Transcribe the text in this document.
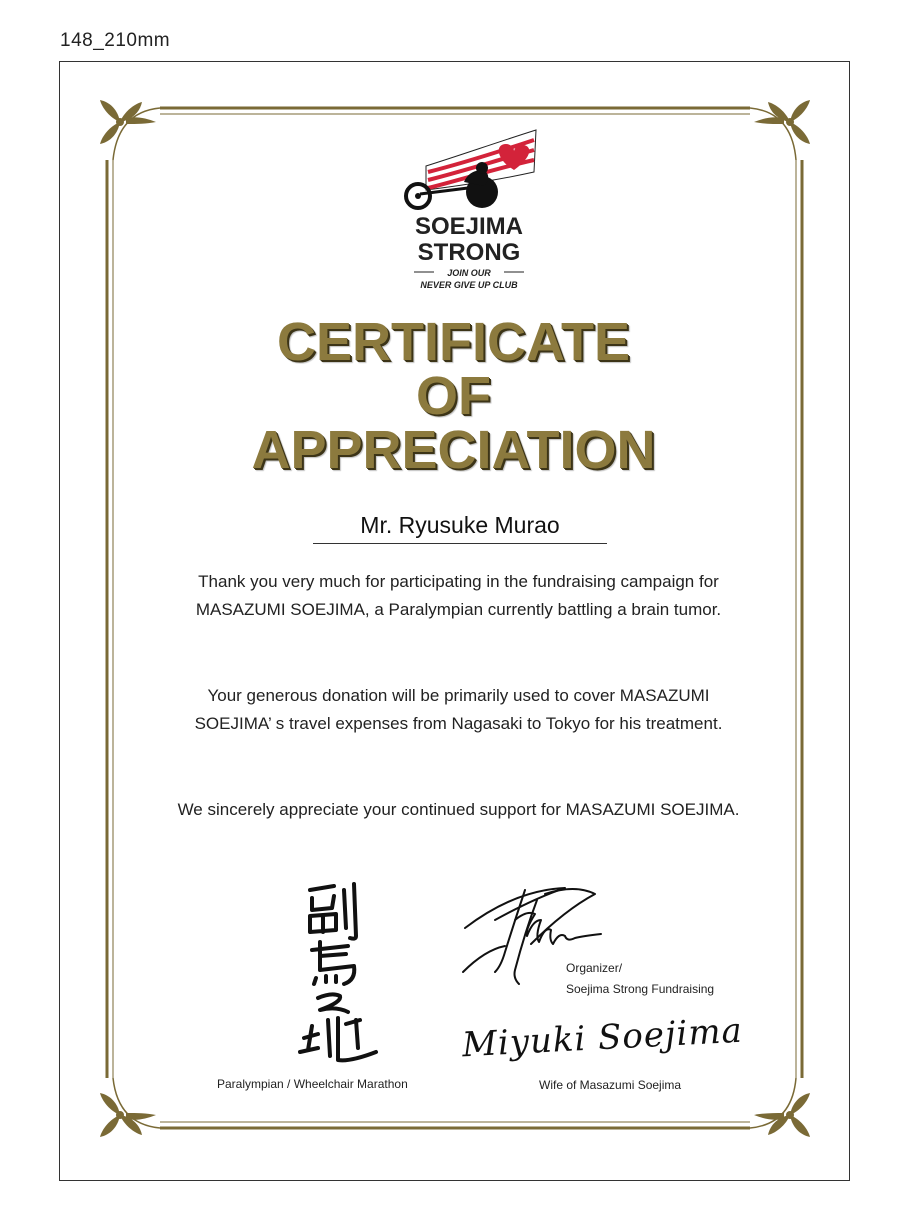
148_210mm
SOEJIMA
STRONG
JOIN OUR
NEVER GIVE UP CLUB
CERTIFICATE
OF
APPRECIATION
Mr. Ryusuke Murao
Thank you very much for participating in the fundraising campaign for MASAZUMI SOEJIMA, a Paralympian currently battling a brain tumor.
Your generous donation will be primarily used to cover MASAZUMI SOEJIMA’ s travel expenses from Nagasaki to Tokyo for his treatment.
We sincerely appreciate your continued support for MASAZUMI SOEJIMA.
Organizer/
Soejima Strong Fundraising
Miyuki Soejima
Paralympian / Wheelchair Marathon	Wife of Masazumi Soejima
